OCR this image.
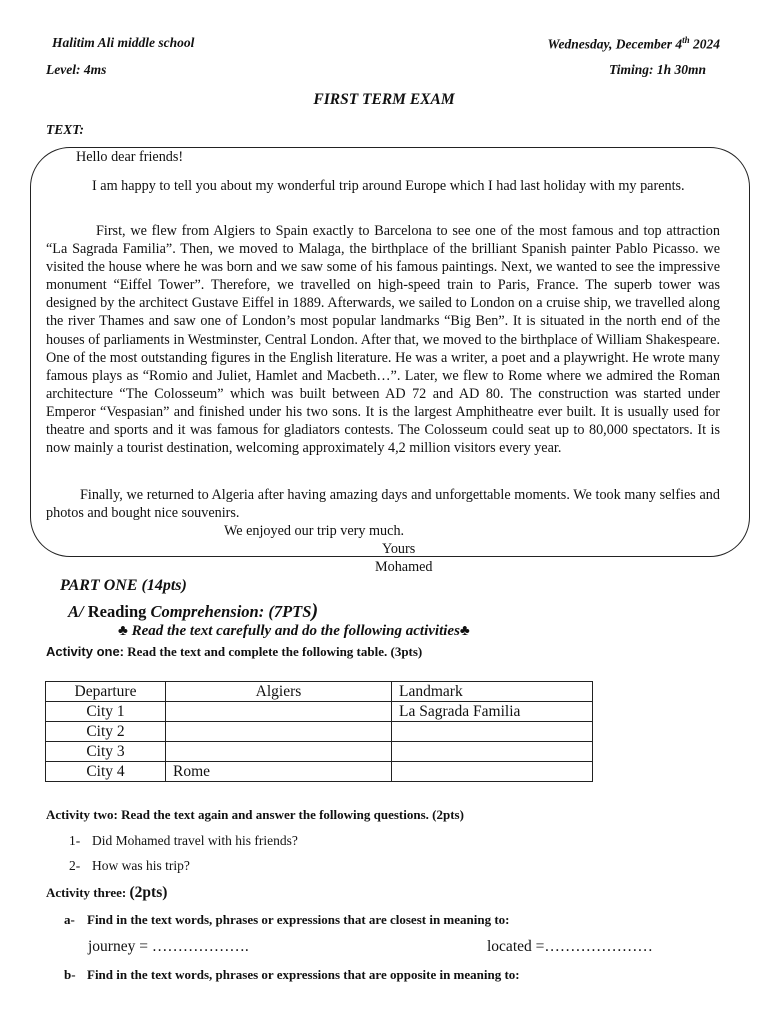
Halitim Ali middle school	Wednesday, December 4th 2024
Level: 4ms	Timing: 1h 30mn
FIRST TERM EXAM
TEXT:
Hello dear friends!

I am happy to tell you about my wonderful trip around Europe which I had last holiday with my parents.

First, we flew from Algiers to Spain exactly to Barcelona to see one of the most famous and top attraction “La Sagrada Familia”. Then, we moved to Malaga, the birthplace of the brilliant Spanish painter Pablo Picasso. we visited the house where he was born and we saw some of his famous paintings. Next, we wanted to see the impressive monument “Eiffel Tower”. Therefore, we travelled on high-speed train to Paris, France. The superb tower was designed by the architect Gustave Eiffel in 1889. Afterwards, we sailed to London on a cruise ship, we travelled along the river Thames and saw one of London’s most popular landmarks “Big Ben”. It is situated in the north end of the houses of parliaments in Westminster, Central London. After that, we moved to the birthplace of William Shakespeare. One of the most outstanding figures in the English literature. He was a writer, a poet and a playwright. He wrote many famous plays as “Romio and Juliet, Hamlet and Macbeth…”. Later, we flew to Rome where we admired the Roman architecture “The Colosseum” which was built between AD 72 and AD 80. The construction was started under Emperor “Vespasian” and finished under his two sons. It is the largest Amphitheatre ever built. It is usually used for theatre and sports and it was famous for gladiators contests. The Colosseum could seat up to 80,000 spectators. It is now mainly a tourist destination, welcoming approximately 4,2 million visitors every year.

Finally, we returned to Algeria after having amazing days and unforgettable moments. We took many selfies and photos and bought nice souvenirs.

We enjoyed our trip very much.
Yours
Mohamed
PART ONE (14pts)
A/ Reading Comprehension: (7PTS)
♣ Read the text carefully and do the following activities♣
Activity one: Read the text and complete the following table. (3pts)
Departure	Algiers	Landmark
City 1		La Sagrada Familia
City 2		
City 3		
City 4	Rome	
Activity two: Read the text again and answer the following questions. (2pts)
1- Did Mohamed travel with his friends?
2- How was his trip?
Activity three: (2pts)
a- Find in the text words, phrases or expressions that are closest in meaning to:
journey = ……………….	located =…………………
b- Find in the text words, phrases or expressions that are opposite in meaning to:
